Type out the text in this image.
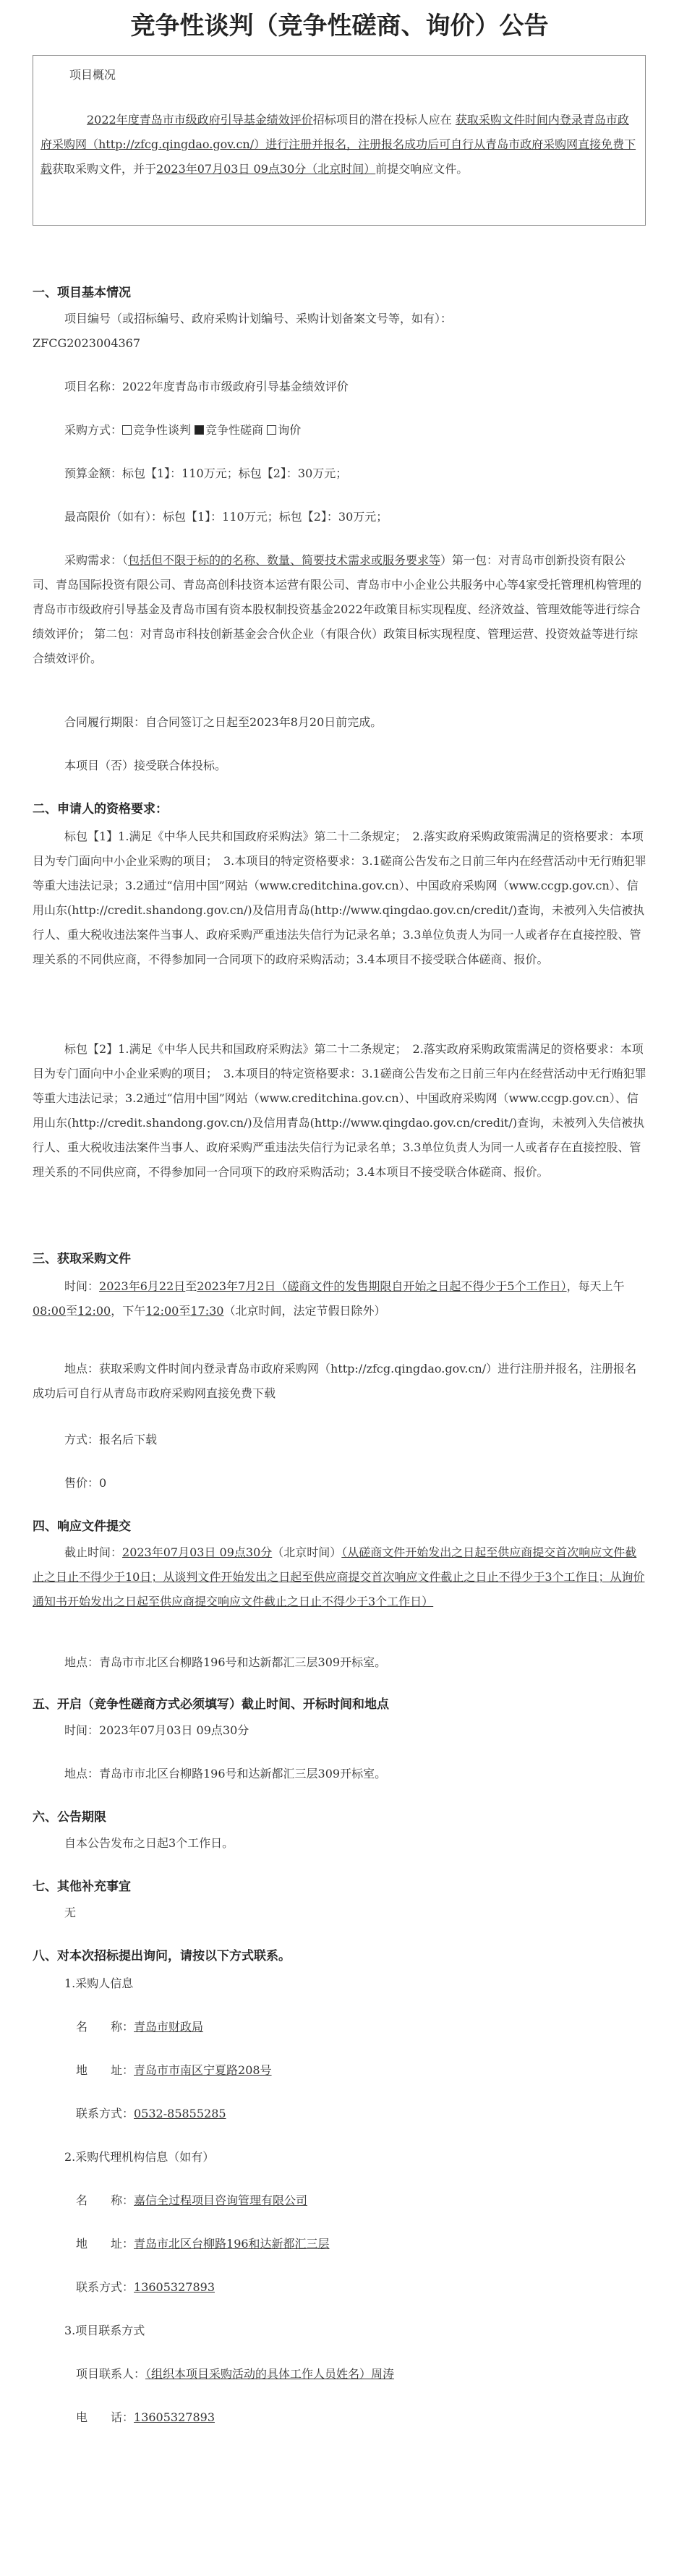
竞争性谈判（竞争性磋商、询价）公告
项目概况
2022年度青岛市市级政府引导基金绩效评价招标项目的潜在投标人应在 获取采购文件时间内登录青岛市政府采购网（http://zfcg.qingdao.gov.cn/）进行注册并报名，注册报名成功后可自行从青岛市政府采购网直接免费下载获取采购文件，并于2023年07月03日 09点30分（北京时间）前提交响应文件。
一、项目基本情况
项目编号（或招标编号、政府采购计划编号、采购计划备案文号等，如有）：
ZFCG2023004367
项目名称：2022年度青岛市市级政府引导基金绩效评价
采购方式： 竞争性谈判 竞争性磋商 询价
预算金额：标包【1】：110万元；标包【2】：30万元；
最高限价（如有）：标包【1】：110万元；标包【2】：30万元；
采购需求：（包括但不限于标的的名称、数量、简要技术需求或服务要求等）第一包：对青岛市创新投资有限公司、青岛国际投资有限公司、青岛高创科技资本运营有限公司、青岛市中小企业公共服务中心等4家受托管理机构管理的青岛市市级政府引导基金及青岛市国有资本股权制投资基金2022年政策目标实现程度、经济效益、管理效能等进行综合绩效评价； 第二包：对青岛市科技创新基金会合伙企业（有限合伙）政策目标实现程度、管理运营、投资效益等进行综合绩效评价。
合同履行期限：自合同签订之日起至2023年8月20日前完成。
本项目（否）接受联合体投标。
二、申请人的资格要求：
标包【1】1.满足《中华人民共和国政府采购法》第二十二条规定；　2.落实政府采购政策需满足的资格要求：本项目为专门面向中小企业采购的项目；　3.本项目的特定资格要求：3.1磋商公告发布之日前三年内在经营活动中无行贿犯罪等重大违法记录；3.2通过“信用中国”网站（www.creditchina.gov.cn）、中国政府采购网（www.ccgp.gov.cn）、信用山东(http://credit.shandong.gov.cn/)及信用青岛(http://www.qingdao.gov.cn/credit/)查询，未被列入失信被执行人、重大税收违法案件当事人、政府采购严重违法失信行为记录名单；3.3单位负责人为同一人或者存在直接控股、管理关系的不同供应商，不得参加同一合同项下的政府采购活动；3.4本项目不接受联合体磋商、报价。
标包【2】1.满足《中华人民共和国政府采购法》第二十二条规定；　2.落实政府采购政策需满足的资格要求：本项目为专门面向中小企业采购的项目；　3.本项目的特定资格要求：3.1磋商公告发布之日前三年内在经营活动中无行贿犯罪等重大违法记录；3.2通过“信用中国”网站（www.creditchina.gov.cn）、中国政府采购网（www.ccgp.gov.cn）、信用山东(http://credit.shandong.gov.cn/)及信用青岛(http://www.qingdao.gov.cn/credit/)查询，未被列入失信被执行人、重大税收违法案件当事人、政府采购严重违法失信行为记录名单；3.3单位负责人为同一人或者存在直接控股、管理关系的不同供应商，不得参加同一合同项下的政府采购活动；3.4本项目不接受联合体磋商、报价。
三、获取采购文件
时间：2023年6月22日至2023年7月2日（磋商文件的发售期限自开始之日起不得少于5个工作日），每天上午08:00至12:00，下午12:00至17:30（北京时间，法定节假日除外）
地点：获取采购文件时间内登录青岛市政府采购网（http://zfcg.qingdao.gov.cn/）进行注册并报名，注册报名成功后可自行从青岛市政府采购网直接免费下载
方式：报名后下载
售价：0
四、响应文件提交
截止时间：2023年07月03日 09点30分（北京时间）（从磋商文件开始发出之日起至供应商提交首次响应文件截止之日止不得少于10日；从谈判文件开始发出之日起至供应商提交首次响应文件截止之日止不得少于3个工作日；从询价通知书开始发出之日起至供应商提交响应文件截止之日止不得少于3个工作日）
地点：青岛市市北区台柳路196号和达新都汇三层309开标室。
五、开启（竞争性磋商方式必须填写）截止时间、开标时间和地点
时间：2023年07月03日 09点30分
地点：青岛市市北区台柳路196号和达新都汇三层309开标室。
六、公告期限
自本公告发布之日起3个工作日。
七、其他补充事宜
无
八、对本次招标提出询问，请按以下方式联系。
1.采购人信息
名　　称：青岛市财政局
地　　址：青岛市市南区宁夏路208号
联系方式：0532-85855285
2.采购代理机构信息（如有）
名　　称：嘉信全过程项目咨询管理有限公司
地　　址：青岛市北区台柳路196和达新都汇三层
联系方式：13605327893
3.项目联系方式
项目联系人：（组织本项目采购活动的具体工作人员姓名）周涛
电　　话：13605327893
